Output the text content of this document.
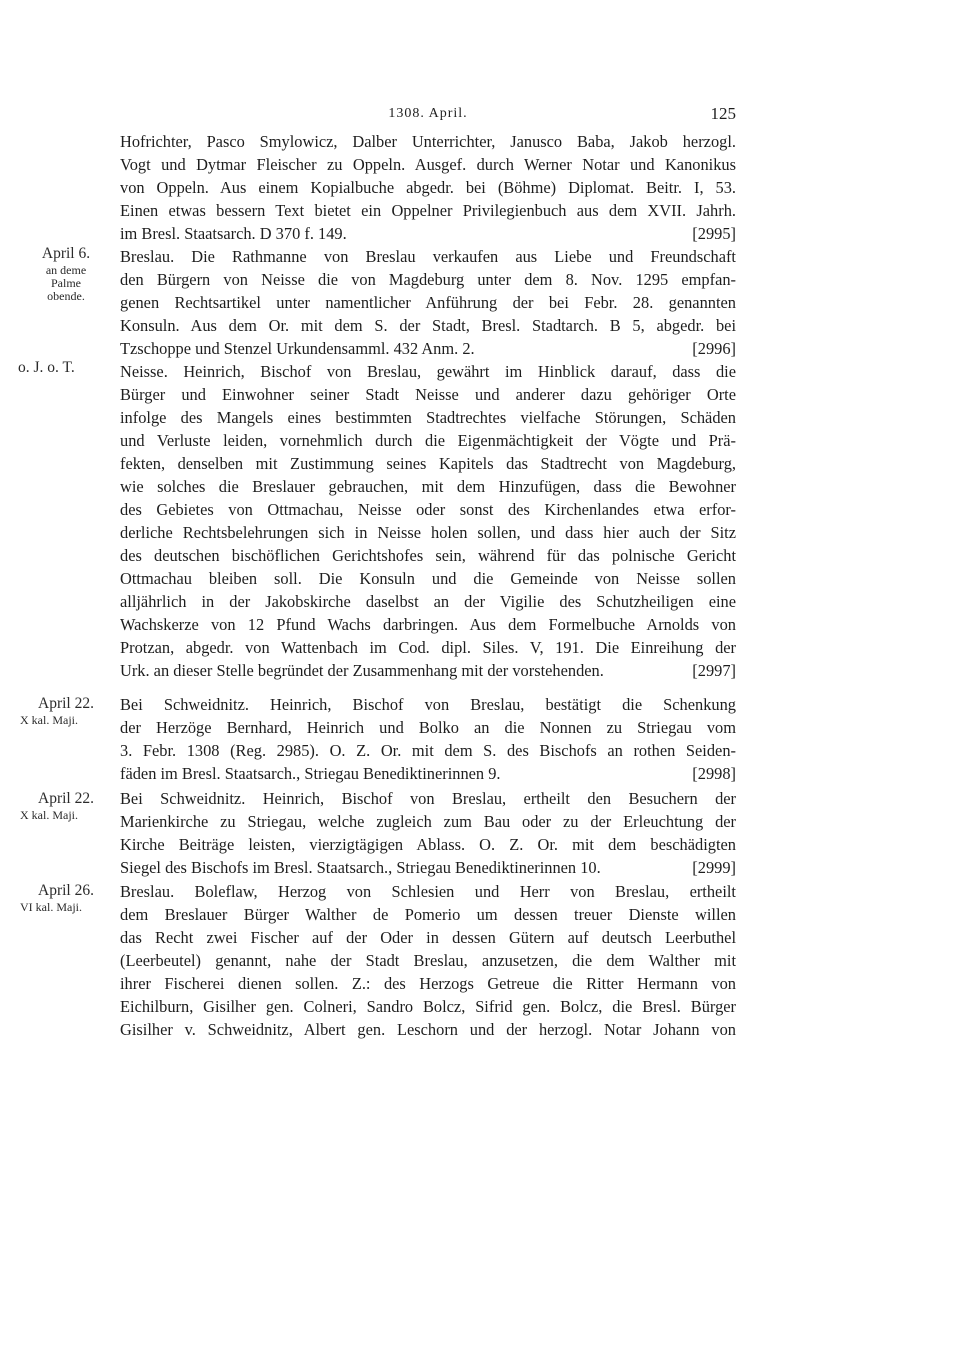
1308. April.	125
Hofrichter, Pasco Smylowicz, Dalber Unterrichter, Janusco Baba, Jakob herzogl.
Vogt und Dytmar Fleischer zu Oppeln. Ausgef. durch Werner Notar und Kanonikus
von Oppeln. Aus einem Kopialbuche abgedr. bei (Böhme) Diplomat. Beitr. I, 53.
Einen etwas bessern Text bietet ein Oppelner Privilegienbuch aus dem XVII. Jahrh.
im Bresl. Staatsarch. D 370 f. 149.	[2995]
April 6.
an deme
Palme
obende.
Breslau. Die Rathmanne von Breslau verkaufen aus Liebe und Freundschaft
den Bürgern von Neisse die von Magdeburg unter dem 8. Nov. 1295 empfan-
genen Rechtsartikel unter namentlicher Anführung der bei Febr. 28. genannten
Konsuln. Aus dem Or. mit dem S. der Stadt, Bresl. Stadtarch. B 5, abgedr. bei
Tzschoppe und Stenzel Urkundensamml. 432 Anm. 2.	[2996]
o. J. o. T.	Neisse. Heinrich, Bischof von Breslau, gewährt im Hinblick darauf, dass die
Bürger und Einwohner seiner Stadt Neisse und anderer dazu gehöriger Orte
infolge des Mangels eines bestimmten Stadtrechtes vielfache Störungen, Schäden
und Verluste leiden, vornehmlich durch die Eigenmächtigkeit der Vögte und Prä-
fekten, denselben mit Zustimmung seines Kapitels das Stadtrecht von Magdeburg,
wie solches die Breslauer gebrauchen, mit dem Hinzufügen, dass die Bewohner
des Gebietes von Ottmachau, Neisse oder sonst des Kirchenlandes etwa erfor-
derliche Rechtsbelehrungen sich in Neisse holen sollen, und dass hier auch der Sitz
des deutschen bischöflichen Gerichtshofes sein, während für das polnische Gericht
Ottmachau bleiben soll. Die Konsuln und die Gemeinde von Neisse sollen
alljährlich in der Jakobskirche daselbst an der Vigilie des Schutzheiligen eine
Wachskerze von 12 Pfund Wachs darbringen. Aus dem Formelbuche Arnolds von
Protzan, abgedr. von Wattenbach im Cod. dipl. Siles. V, 191. Die Einreihung der
Urk. an dieser Stelle begründet der Zusammenhang mit der vorstehenden.	[2997]
April 22.
X kal. Maji.
Bei Schweidnitz. Heinrich, Bischof von Breslau, bestätigt die Schenkung
der Herzöge Bernhard, Heinrich und Bolko an die Nonnen zu Striegau vom
3. Febr. 1308 (Reg. 2985). O. Z. Or. mit dem S. des Bischofs an rothen Seiden-
fäden im Bresl. Staatsarch., Striegau Benediktinerinnen 9.	[2998]
April 22.
X kal. Maji.
Bei Schweidnitz. Heinrich, Bischof von Breslau, ertheilt den Besuchern der
Marienkirche zu Striegau, welche zugleich zum Bau oder zu der Erleuchtung der
Kirche Beiträge leisten, vierzigtägigen Ablass. O. Z. Or. mit dem beschädigten
Siegel des Bischofs im Bresl. Staatsarch., Striegau Benediktinerinnen 10.	[2999]
April 26.
VI kal. Maji.
Breslau. Boleflaw, Herzog von Schlesien und Herr von Breslau, ertheilt
dem Breslauer Bürger Walther de Pomerio um dessen treuer Dienste willen
das Recht zwei Fischer auf der Oder in dessen Gütern auf deutsch Leerbuthel
(Leerbeutel) genannt, nahe der Stadt Breslau, anzusetzen, die dem Walther mit
ihrer Fischerei dienen sollen. Z.: des Herzogs Getreue die Ritter Hermann von
Eichilburn, Gisilher gen. Colneri, Sandro Bolcz, Sifrid gen. Bolcz, die Bresl. Bürger
Gisilher v. Schweidnitz, Albert gen. Leschorn und der herzogl. Notar Johann von
